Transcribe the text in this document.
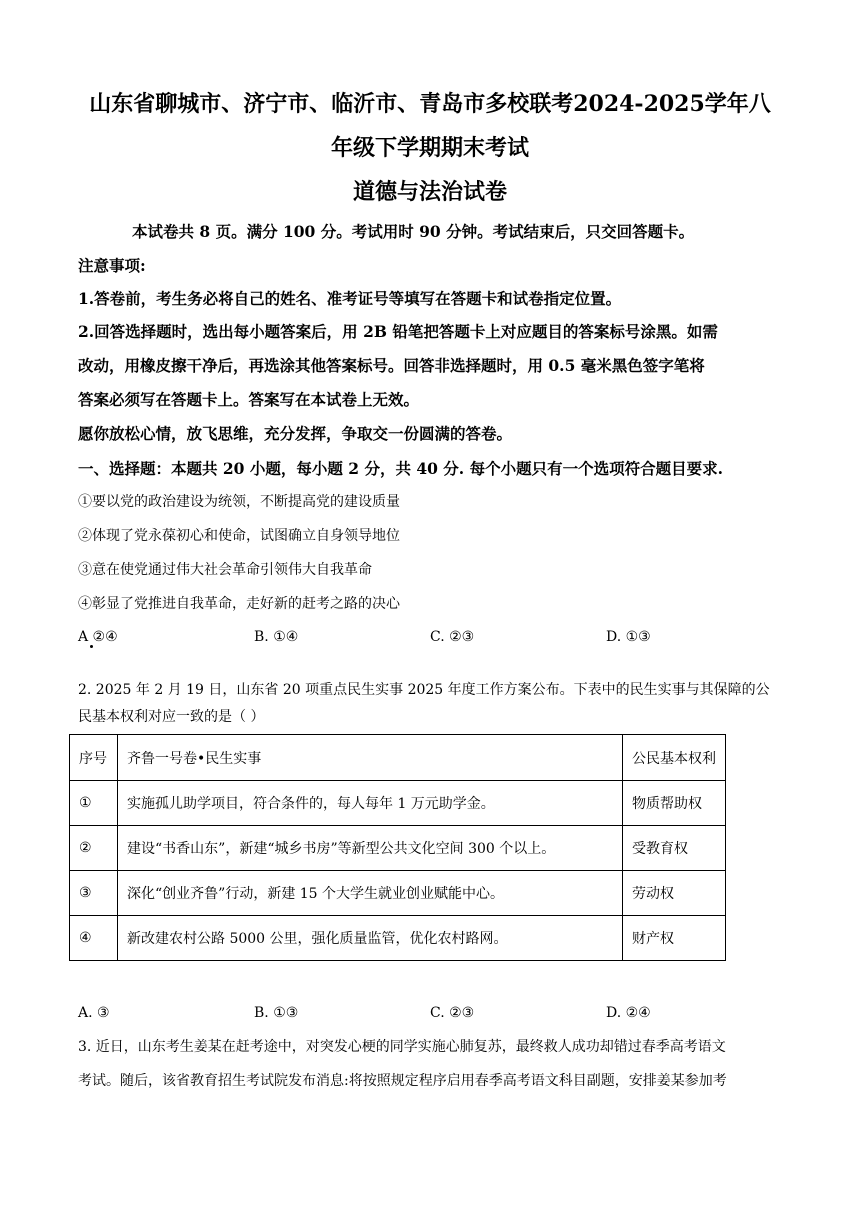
山东省聊城市、济宁市、临沂市、青岛市多校联考2024-2025学年八
年级下学期期末考试
道德与法治试卷
本试卷共 8 页。满分 100 分。考试用时 90 分钟。考试结束后，只交回答题卡。
注意事项:
1.答卷前，考生务必将自己的姓名、准考证号等填写在答题卡和试卷指定位置。
2.回答选择题时，选出每小题答案后，用 2B 铅笔把答题卡上对应题目的答案标号涂黑。如需
改动，用橡皮擦干净后，再选涂其他答案标号。回答非选择题时，用 0.5 毫米黑色签字笔将
答案必须写在答题卡上。答案写在本试卷上无效。
愿你放松心情，放飞思维，充分发挥，争取交一份圆满的答卷。
一、选择题：本题共 20 小题，每小题 2 分，共 40 分. 每个小题只有一个选项符合题目要求.
①要以党的政治建设为统领，不断提高党的建设质量
②体现了党永葆初心和使命，试图确立自身领导地位
③意在使党通过伟大社会革命引领伟大自我革命
④彰显了党推进自我革命，走好新的赶考之路的决心
A ②④	B. ①④	C. ②③	D. ①③
2. 2025 年 2 月 19 日，山东省 20 项重点民生实事 2025 年度工作方案公布。下表中的民生实事与其保障的公
民基本权利对应一致的是（ ）
序号	齐鲁一号卷•民生实事	公民基本权利
①	实施孤儿助学项目，符合条件的，每人每年 1 万元助学金。	物质帮助权
②	建设“书香山东”，新建“城乡书房”等新型公共文化空间 300 个以上。	受教育权
③	深化“创业齐鲁”行动，新建 15 个大学生就业创业赋能中心。	劳动权
④	新改建农村公路 5000 公里，强化质量监管，优化农村路网。	财产权
A. ③	B. ①③	C. ②③	D. ②④
3. 近日，山东考生姜某在赶考途中，对突发心梗的同学实施心肺复苏，最终救人成功却错过春季高考语文
考试。随后，该省教育招生考试院发布消息:将按照规定程序启用春季高考语文科目副题，安排姜某参加考
